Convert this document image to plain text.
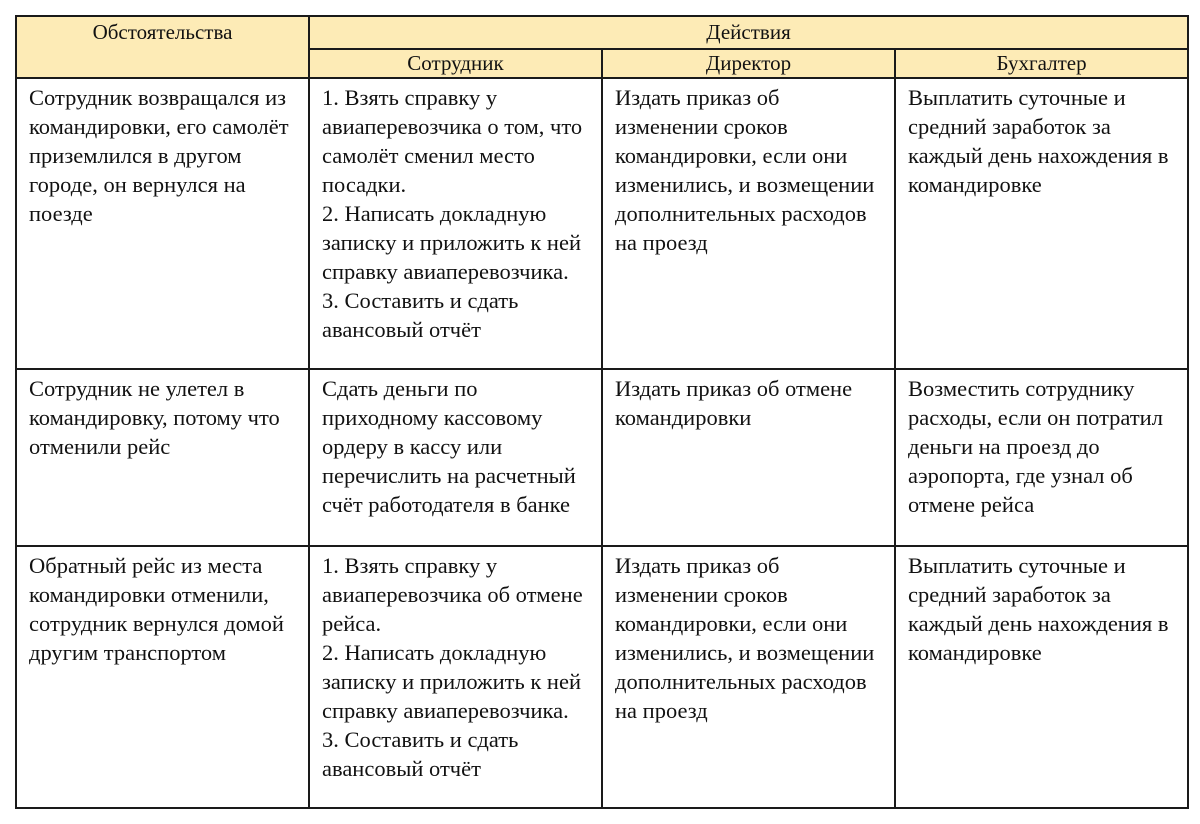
Обстоятельства	Действия		
	Сотрудник	Директор	Бухгалтер
Сотрудник возвращался из командировки, его самолёт приземлился в другом городе, он вернулся на поезде	1. Взять справку у авиаперевозчика о том, что самолёт сменил место посадки.
2. Написать докладную записку и приложить к ней справку авиаперевозчика.
3. Составить и сдать авансовый отчёт	Издать приказ об изменении сроков командировки, если они изменились, и возмещении дополнительных расходов на проезд	Выплатить суточные и средний заработок за каждый день нахождения в командировке
Сотрудник не улетел в командировку, потому что отменили рейс	Сдать деньги по приходному кассовому ордеру в кассу или перечислить на расчетный счёт работодателя в банке	Издать приказ об отмене командировки	Возместить сотруднику расходы, если он потратил деньги на проезд до аэропорта, где узнал об отмене рейса
Обратный рейс из места командировки отменили, сотрудник вернулся домой другим транспортом	1. Взять справку у авиаперевозчика об отмене рейса.
2. Написать докладную записку и приложить к ней справку авиаперевозчика.
3. Составить и сдать авансовый отчёт	Издать приказ об изменении сроков командировки, если они изменились, и возмещении дополнительных расходов на проезд	Выплатить суточные и средний заработок за каждый день нахождения в командировке
